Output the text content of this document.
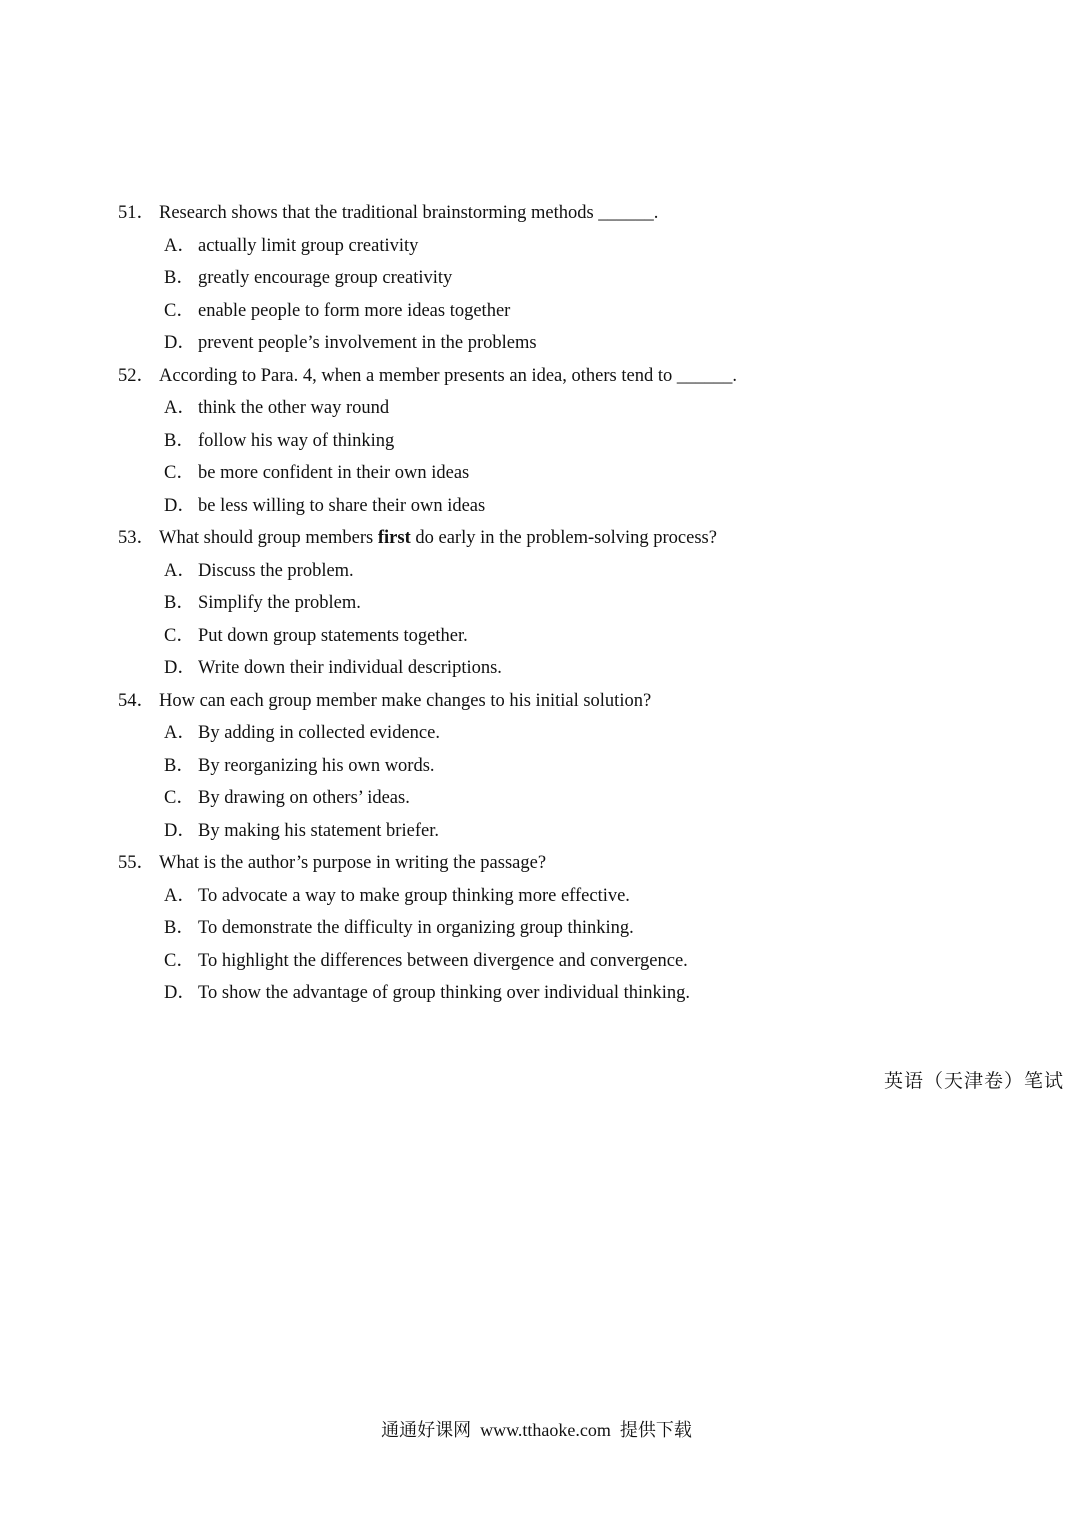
51． Research shows that the traditional brainstorming methods ______.
A． actually limit group creativity
B． greatly encourage group creativity
C． enable people to form more ideas together
D． prevent people’s involvement in the problems
52． According to Para. 4, when a member presents an idea, others tend to ______.
A． think the other way round
B． follow his way of thinking
C． be more confident in their own ideas
D． be less willing to share their own ideas
53． What should group members first do early in the problem-solving process?
A． Discuss the problem.
B． Simplify the problem.
C． Put down group statements together.
D． Write down their individual descriptions.
54． How can each group member make changes to his initial solution?
A． By adding in collected evidence.
B． By reorganizing his own words.
C． By drawing on others’ ideas.
D． By making his statement briefer.
55． What is the author’s purpose in writing the passage?
A． To advocate a way to make group thinking more effective.
B． To demonstrate the difficulty in organizing group thinking.
C． To highlight the differences between divergence and convergence.
D． To show the advantage of group thinking over individual thinking.
英语（天津卷）笔试
通通好课网  www.tthaoke.com  提供下载
